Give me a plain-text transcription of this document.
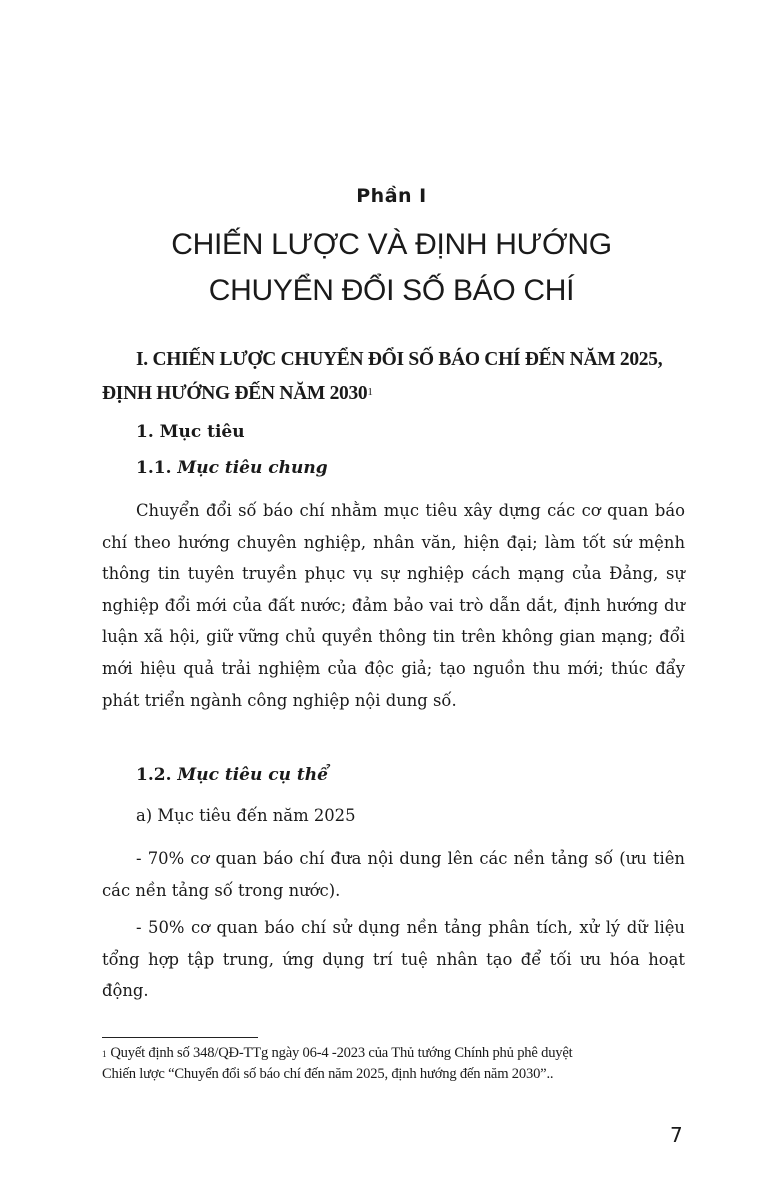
Phần I
CHIẾN LƯỢC VÀ ĐỊNH HƯỚNG
CHUYỂN ĐỔI SỐ BÁO CHÍ
I. CHIẾN LƯỢC CHUYỂN ĐỔI SỐ BÁO CHÍ ĐẾN NĂM 2025,
ĐỊNH HƯỚNG ĐẾN NĂM 2030$^1$
1. Mục tiêu
1.1. Mục tiêu chung

Chuyển đổi số báo chí nhằm mục tiêu xây dựng các cơ quan báo chí theo hướng chuyên nghiệp, nhân văn, hiện đại; làm tốt sứ mệnh thông tin tuyên truyền phục vụ sự nghiệp cách mạng của Đảng, sự nghiệp đổi mới của đất nước; đảm bảo vai trò dẫn dắt, định hướng dư luận xã hội, giữ vững chủ quyền thông tin trên không gian mạng; đổi mới hiệu quả trải nghiệm của độc giả; tạo nguồn thu mới; thúc đẩy phát triển ngành công nghiệp nội dung số.

1.2. Mục tiêu cụ thể

a) Mục tiêu đến năm 2025

- 70% cơ quan báo chí đưa nội dung lên các nền tảng số (ưu tiên các nền tảng số trong nước).

- 50% cơ quan báo chí sử dụng nền tảng phân tích, xử lý dữ liệu tổng hợp tập trung, ứng dụng trí tuệ nhân tạo để tối ưu hóa hoạt động.

$^1$ Quyết định số 348/QĐ-TTg ngày 06-4 -2023 của Thủ tướng Chính phủ phê duyệt
Chiến lược “Chuyển đổi số báo chí đến năm 2025, định hướng đến năm 2030”..
7
